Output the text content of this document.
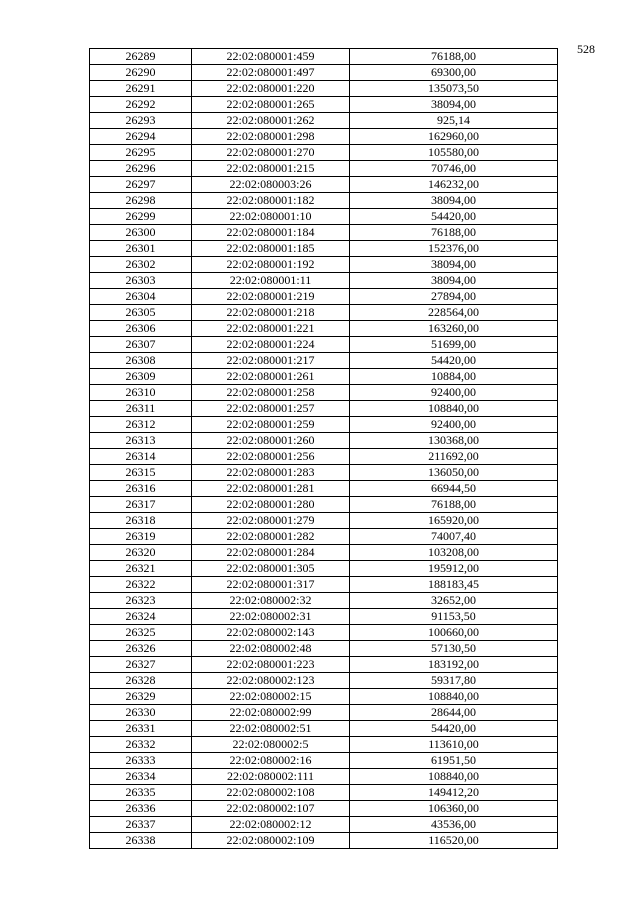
528
26289	22:02:080001:459	76188,00
26290	22:02:080001:497	69300,00
26291	22:02:080001:220	135073,50
26292	22:02:080001:265	38094,00
26293	22:02:080001:262	925,14
26294	22:02:080001:298	162960,00
26295	22:02:080001:270	105580,00
26296	22:02:080001:215	70746,00
26297	22:02:080003:26	146232,00
26298	22:02:080001:182	38094,00
26299	22:02:080001:10	54420,00
26300	22:02:080001:184	76188,00
26301	22:02:080001:185	152376,00
26302	22:02:080001:192	38094,00
26303	22:02:080001:11	38094,00
26304	22:02:080001:219	27894,00
26305	22:02:080001:218	228564,00
26306	22:02:080001:221	163260,00
26307	22:02:080001:224	51699,00
26308	22:02:080001:217	54420,00
26309	22:02:080001:261	10884,00
26310	22:02:080001:258	92400,00
26311	22:02:080001:257	108840,00
26312	22:02:080001:259	92400,00
26313	22:02:080001:260	130368,00
26314	22:02:080001:256	211692,00
26315	22:02:080001:283	136050,00
26316	22:02:080001:281	66944,50
26317	22:02:080001:280	76188,00
26318	22:02:080001:279	165920,00
26319	22:02:080001:282	74007,40
26320	22:02:080001:284	103208,00
26321	22:02:080001:305	195912,00
26322	22:02:080001:317	188183,45
26323	22:02:080002:32	32652,00
26324	22:02:080002:31	91153,50
26325	22:02:080002:143	100660,00
26326	22:02:080002:48	57130,50
26327	22:02:080001:223	183192,00
26328	22:02:080002:123	59317,80
26329	22:02:080002:15	108840,00
26330	22:02:080002:99	28644,00
26331	22:02:080002:51	54420,00
26332	22:02:080002:5	113610,00
26333	22:02:080002:16	61951,50
26334	22:02:080002:111	108840,00
26335	22:02:080002:108	149412,20
26336	22:02:080002:107	106360,00
26337	22:02:080002:12	43536,00
26338	22:02:080002:109	116520,00
